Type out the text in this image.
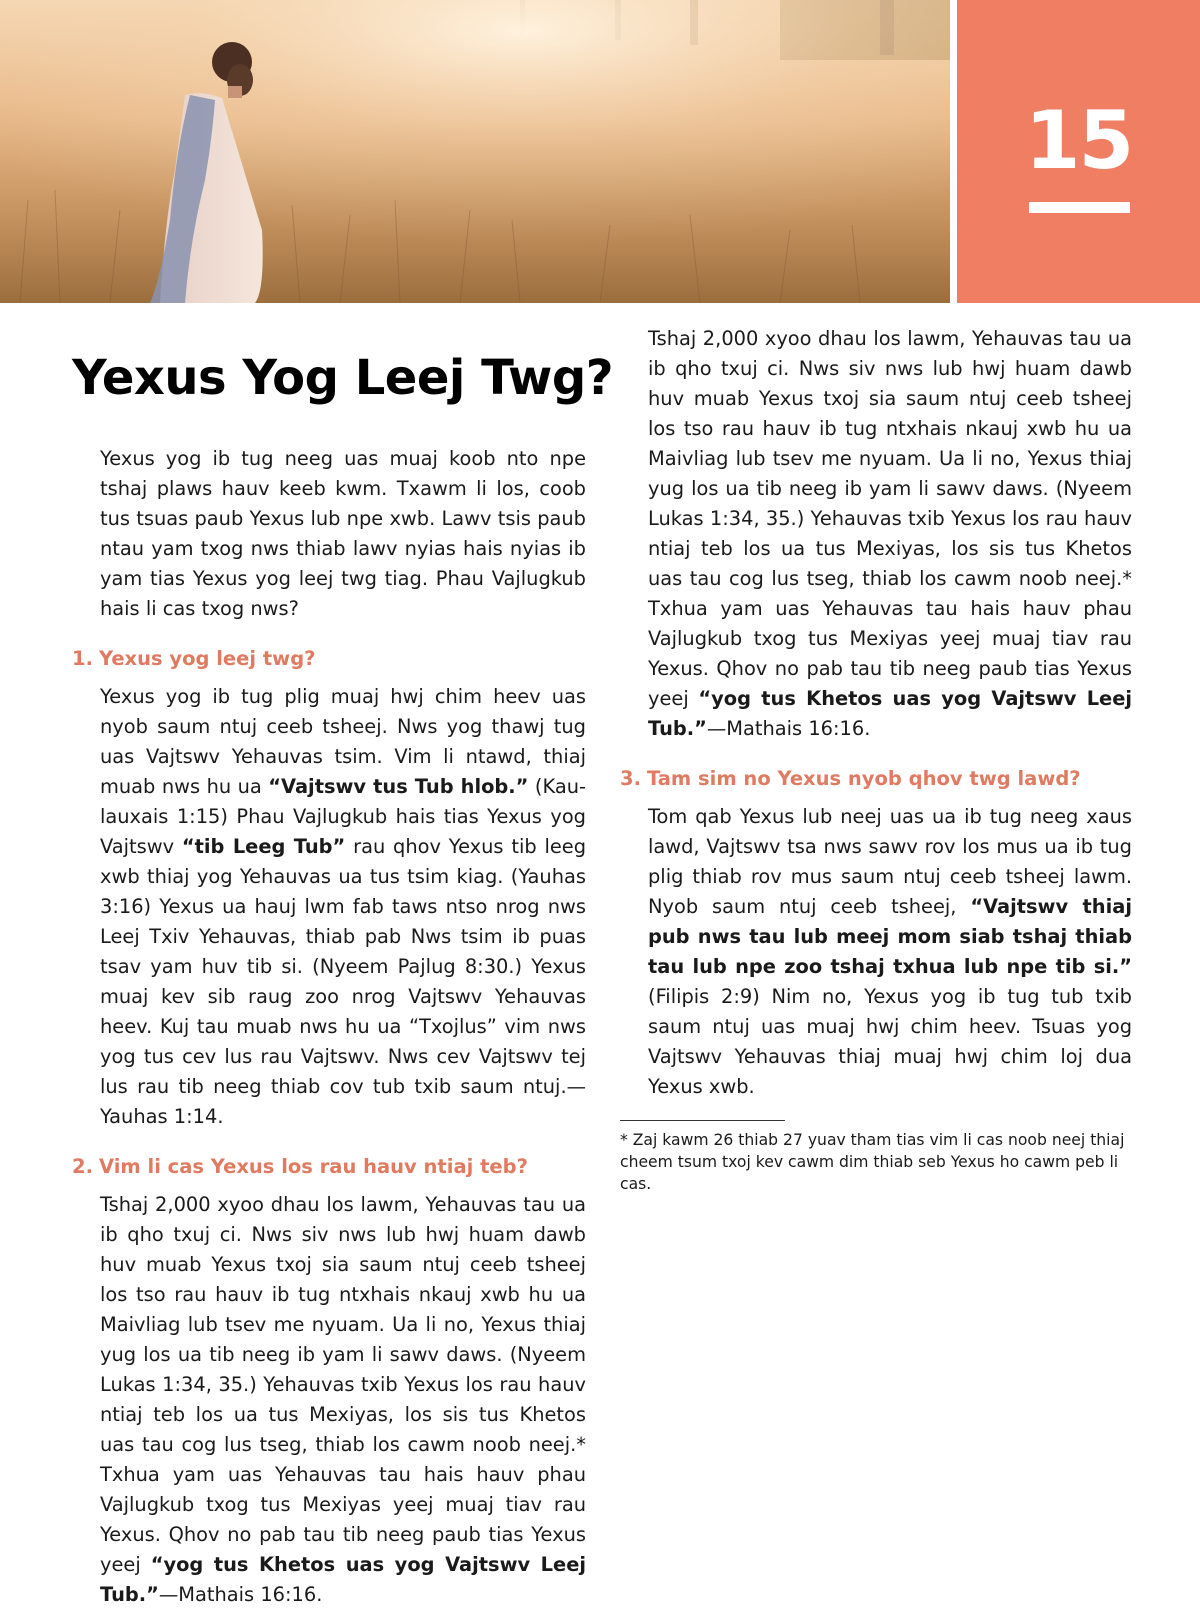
15
Yexus Yog Leej Twg?

Yexus yog ib tug neeg uas muaj koob nto npe tshaj plaws hauv keeb kwm. Txawm li los, coob tus tsuas paub Yexus lub npe xwb. Lawv tsis paub ntau yam txog nws thiab lawv nyias hais nyias ib yam tias Yexus yog leej twg tiag. Phau Vajlugkub hais li cas txog nws?

1. Yexus yog leej twg?

Yexus yog ib tug plig muaj hwj chim heev uas nyob saum ntuj ceeb tsheej. Nws yog thawj tug uas Vajtswv Yehauvas tsim. Vim li ntawd, thiaj muab nws hu ua “Vajtswv tus Tub hlob.” (Kaulauxais 1:15) Phau Vajlugkub hais tias Yexus yog Vajtswv “tib Leeg Tub” rau qhov Yexus tib leeg xwb thiaj yog Yehauvas ua tus tsim kiag. (Yauhas 3:16) Yexus ua hauj lwm fab taws ntso nrog nws Leej Txiv Yehauvas, thiab pab Nws tsim ib puas tsav yam huv tib si. (Nyeem Pajlug 8:30.) Yexus muaj kev sib raug zoo nrog Vajtswv Yehauvas heev. Kuj tau muab nws hu ua “Txojlus” vim nws yog tus cev lus rau Vajtswv. Nws cev Vajtswv tej lus rau tib neeg thiab cov tub txib saum ntuj.—Yauhas 1:14.

2. Vim li cas Yexus los rau hauv ntiaj teb?

Tshaj 2,000 xyoo dhau los lawm, Yehauvas tau ua ib qho txuj ci. Nws siv nws lub hwj huam dawb huv muab Yexus txoj sia saum ntuj ceeb tsheej los tso rau hauv ib tug ntxhais nkauj xwb hu ua Maivliag lub tsev me nyuam. Ua li no, Yexus thiaj yug los ua tib neeg ib yam li sawv daws. (Nyeem Lukas 1:34, 35.) Yehauvas txib Yexus los rau hauv ntiaj teb los ua tus Mexiyas, los sis tus Khetos uas tau cog lus tseg, thiab los cawm noob neej.* Txhua yam uas Yehauvas tau hais hauv phau Vajlugkub txog tus Mexiyas yeej muaj tiav rau Yexus. Qhov no pab tau tib neeg paub tias Yexus yeej “yog tus Khetos uas yog Vajtswv Leej Tub.”—Mathais 16:16.

Tshaj 2,000 xyoo dhau los lawm, Yehauvas tau ua ib qho txuj ci. Nws siv nws lub hwj huam dawb huv muab Yexus txoj sia saum ntuj ceeb tsheej los tso rau hauv ib tug ntxhais nkauj xwb hu ua Maivliag lub tsev me nyuam. Ua li no, Yexus thiaj yug los ua tib neeg ib yam li sawv daws. (Nyeem Lukas 1:34, 35.) Yehauvas txib Yexus los rau hauv ntiaj teb los ua tus Mexiyas, los sis tus Khetos uas tau cog lus tseg, thiab los cawm noob neej.* Txhua yam uas Yehauvas tau hais hauv phau Vajlugkub txog tus Mexiyas yeej muaj tiav rau Yexus. Qhov no pab tau tib neeg paub tias Yexus yeej “yog tus Khetos uas yog Vajtswv Leej Tub.”—Mathais 16:16.

3. Tam sim no Yexus nyob qhov twg lawd?

Tom qab Yexus lub neej uas ua ib tug neeg xaus lawd, Vajtswv tsa nws sawv rov los mus ua ib tug plig thiab rov mus saum ntuj ceeb tsheej lawm. Nyob saum ntuj ceeb tsheej, “Vajtswv thiaj pub nws tau lub meej mom siab tshaj thiab tau lub npe zoo tshaj txhua lub npe tib si.” (Filipis 2:9) Nim no, Yexus yog ib tug tub txib saum ntuj uas muaj hwj chim heev. Tsuas yog Vajtswv Yehauvas thiaj muaj hwj chim loj dua Yexus xwb.

* Zaj kawm 26 thiab 27 yuav tham tias vim li cas noob neej thiaj cheem tsum txoj kev cawm dim thiab seb Yexus ho cawm peb li cas.
